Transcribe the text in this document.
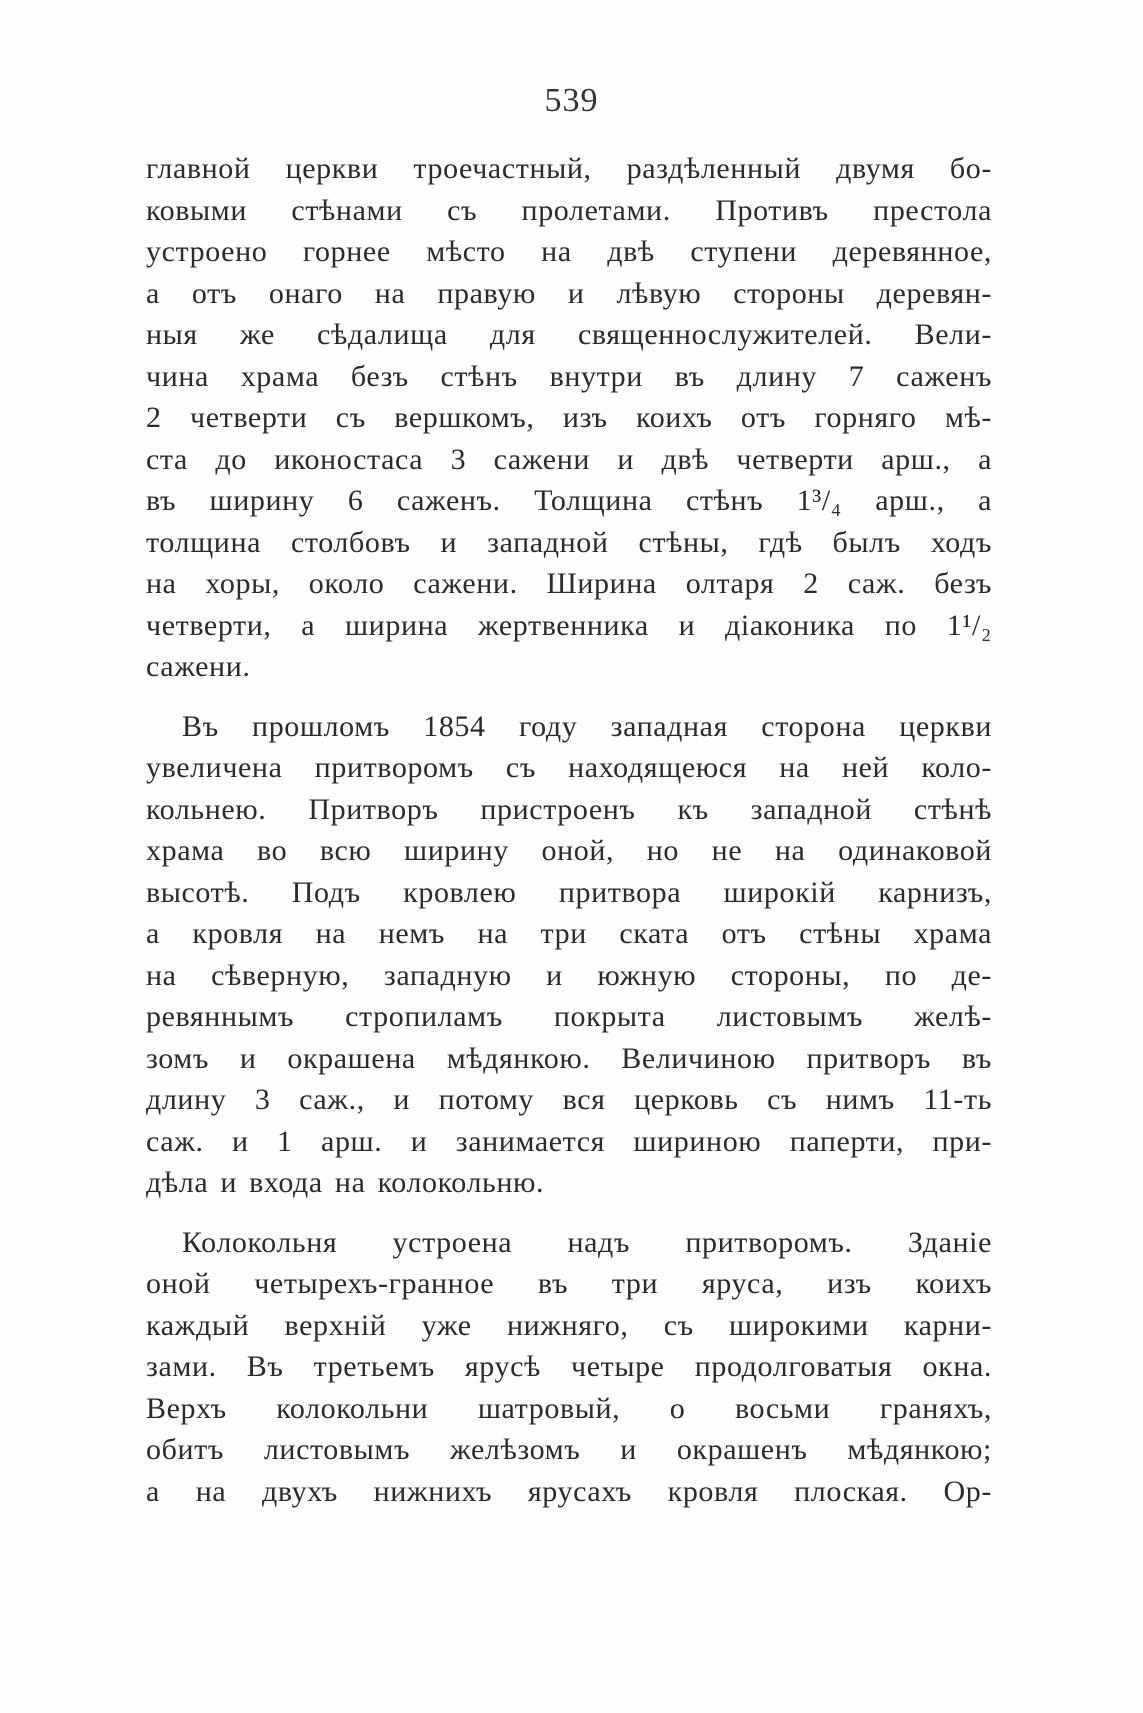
539
главной церкви троечастный, раздѣленный двумя бо-
ковыми стѣнами съ пролетами. Противъ престола
устроено горнее мѣсто на двѣ ступени деревянное,
а отъ онаго на правую и лѣвую стороны деревян-
ныя же сѣдалища для священнослужителей. Вели-
чина храма безъ стѣнъ внутри въ длину 7 саженъ
2 четверти съ вершкомъ, изъ коихъ отъ горняго мѣ-
ста до иконостаса 3 сажени и двѣ четверти арш., а
въ ширину 6 саженъ. Толщина стѣнъ 1³/₄ арш., а
толщина столбовъ и западной стѣны, гдѣ былъ ходъ
на хоры, около сажени. Ширина олтаря 2 саж. безъ
четверти, а ширина жертвенника и діаконика по 1¹/₂
сажени.
Въ прошломъ 1854 году западная сторона церкви
увеличена притворомъ съ находящеюся на ней коло-
кольнею. Притворъ пристроенъ къ западной стѣнѣ
храма во всю ширину оной, но не на одинаковой
высотѣ. Подъ кровлею притвора широкій карнизъ,
а кровля на немъ на три ската отъ стѣны храма
на сѣверную, западную и южную стороны, по де-
ревяннымъ стропиламъ покрыта листовымъ желѣ-
зомъ и окрашена мѣдянкою. Величиною притворъ въ
длину 3 саж., и потому вся церковь съ нимъ 11-ть
саж. и 1 арш. и занимается шириною паперти, при-
дѣла и входа на колокольню.
Колокольня устроена надъ притворомъ. Зданіе
оной четырехъ-гранное въ три яруса, изъ коихъ
каждый верхній уже нижняго, съ широкими карни-
зами. Въ третьемъ ярусѣ четыре продолговатыя окна.
Верхъ колокольни шатровый, о восьми граняхъ,
обитъ листовымъ желѣзомъ и окрашенъ мѣдянкою;
а на двухъ нижнихъ ярусахъ кровля плоская. Ор-
